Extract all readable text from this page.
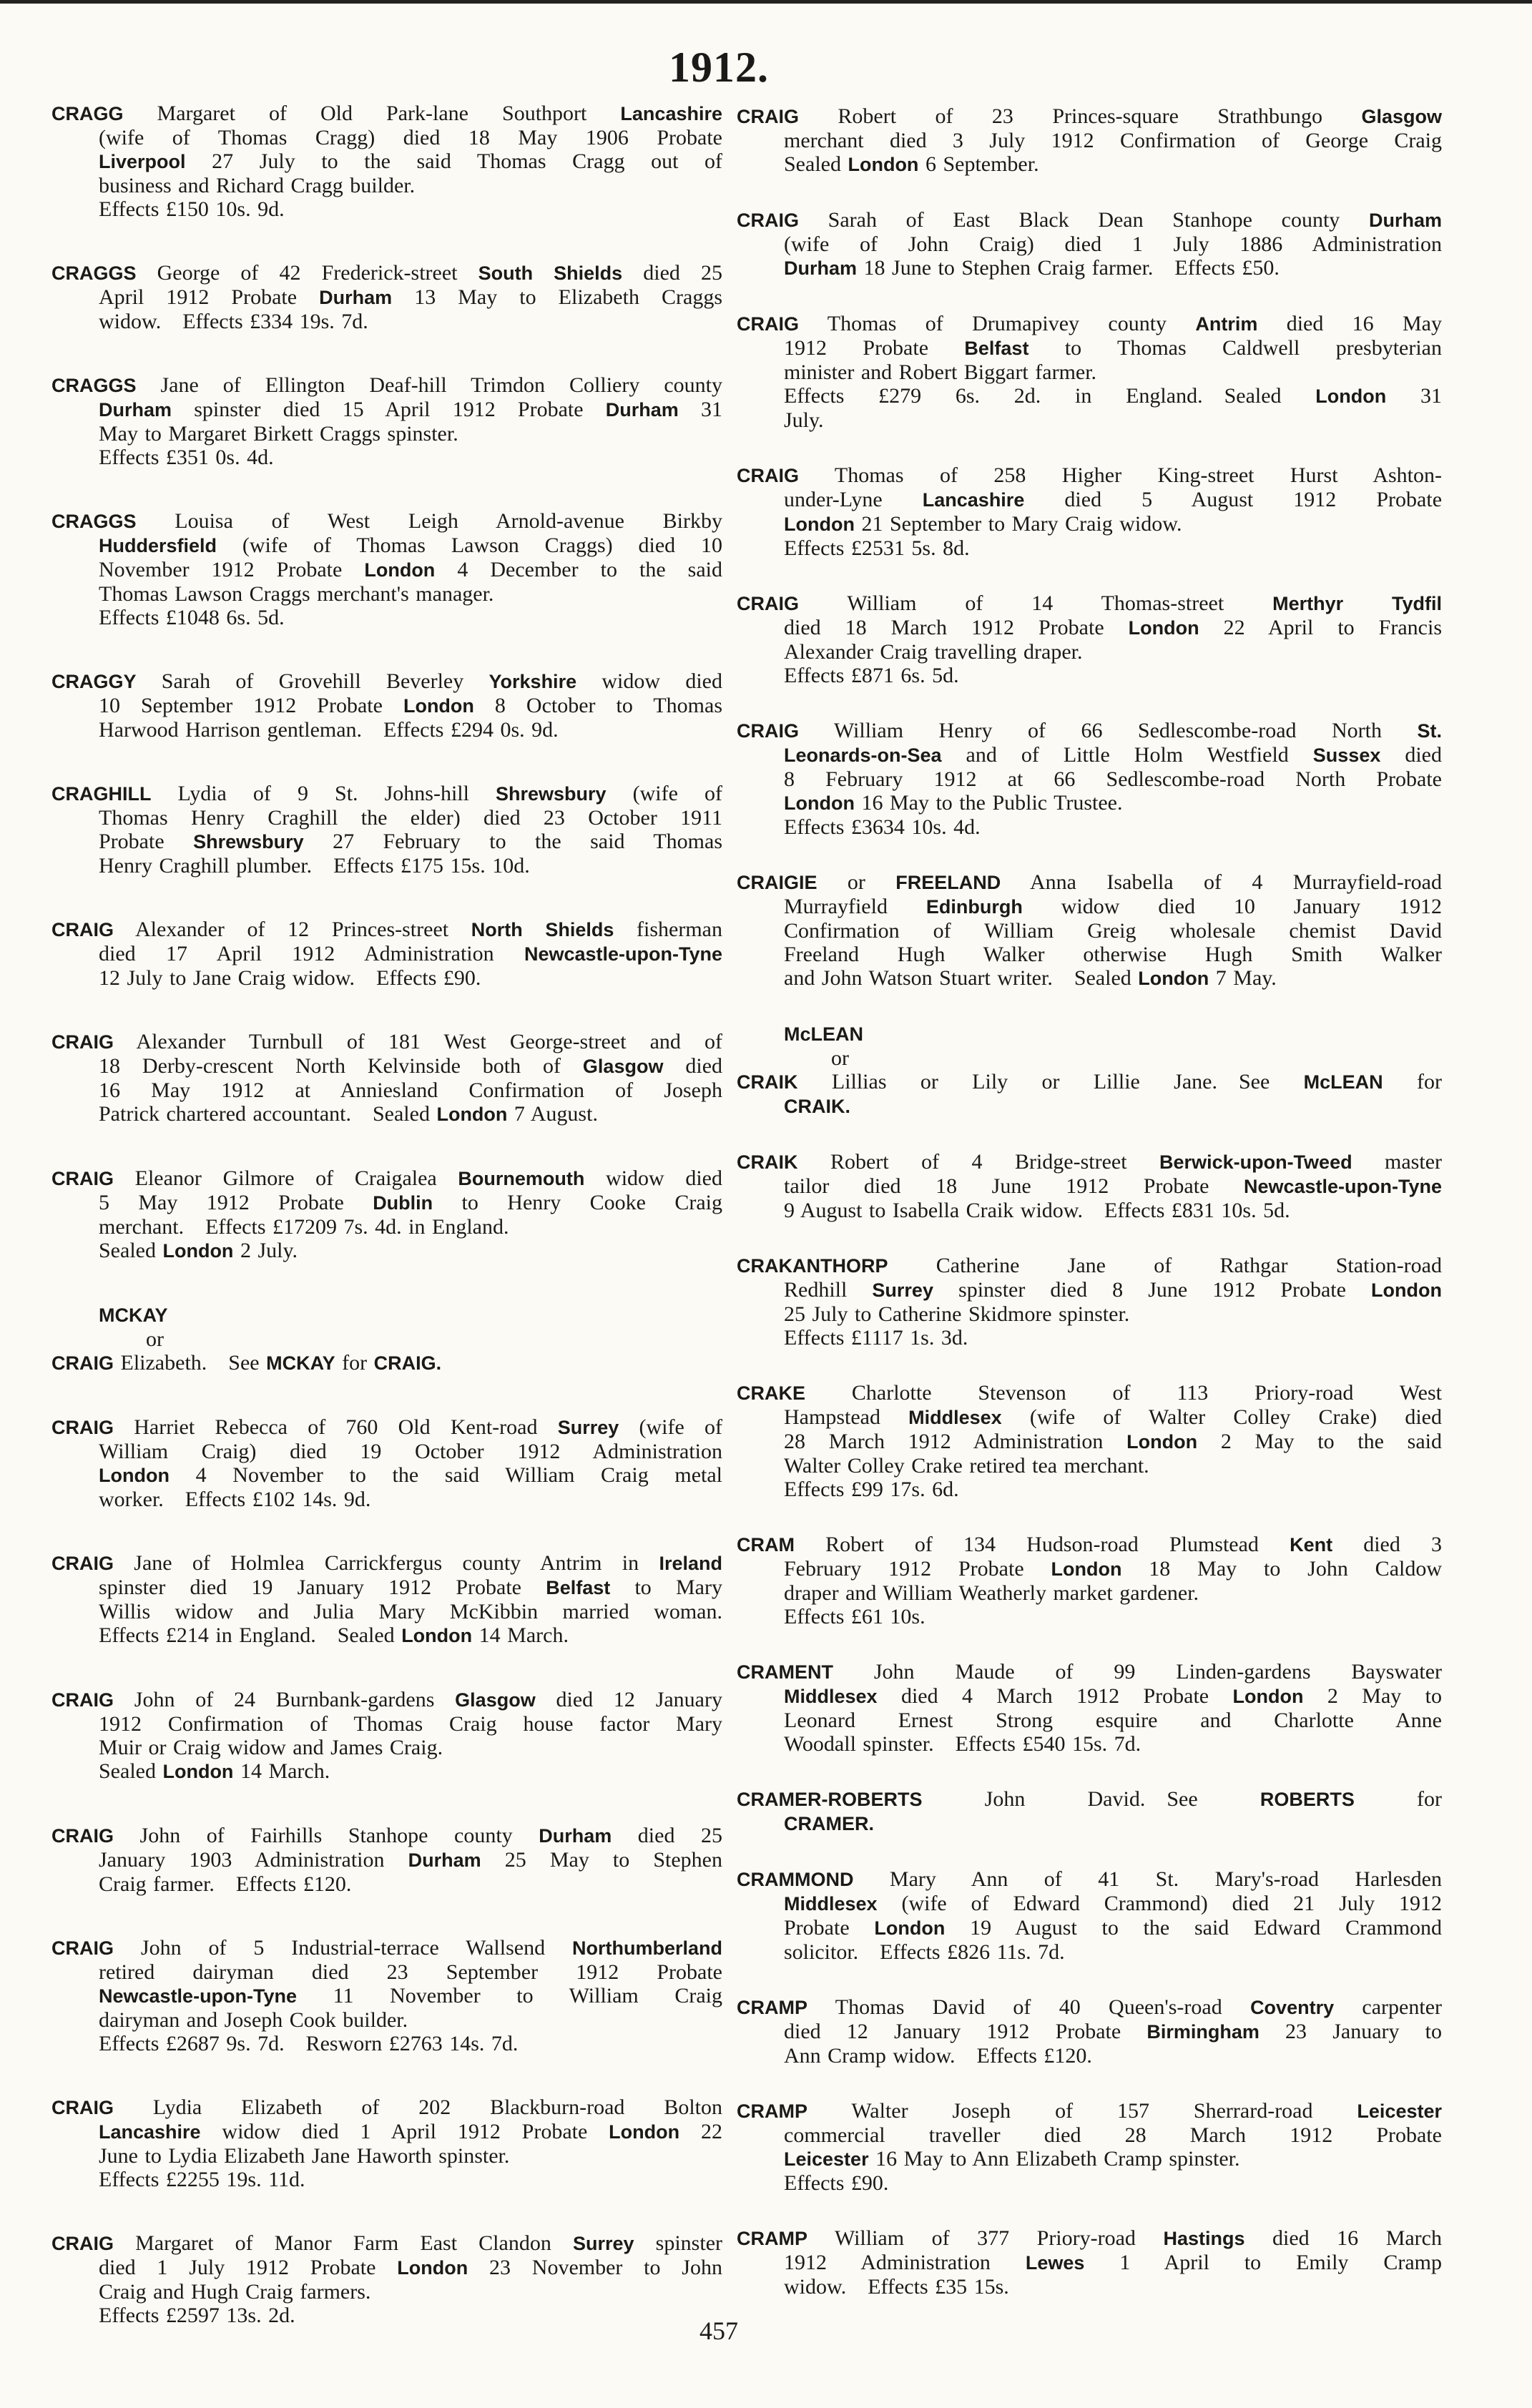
1912.
CRAGG Margaret of Old Park-lane Southport Lancashire
(wife of Thomas Cragg) died 18 May 1906 Probate
Liverpool 27 July to the said Thomas Cragg out of
business and Richard Cragg builder.
Effects £150 10s. 9d.
CRAGGS George of 42 Frederick-street South Shields died 25
April 1912 Probate Durham 13 May to Elizabeth Craggs
widow. Effects £334 19s. 7d.
CRAGGS Jane of Ellington Deaf-hill Trimdon Colliery county
Durham spinster died 15 April 1912 Probate Durham 31
May to Margaret Birkett Craggs spinster.
Effects £351 0s. 4d.
CRAGGS Louisa of West Leigh Arnold-avenue Birkby
Huddersfield (wife of Thomas Lawson Craggs) died 10
November 1912 Probate London 4 December to the said
Thomas Lawson Craggs merchant's manager.
Effects £1048 6s. 5d.
CRAGGY Sarah of Grovehill Beverley Yorkshire widow died
10 September 1912 Probate London 8 October to Thomas
Harwood Harrison gentleman. Effects £294 0s. 9d.
CRAGHILL Lydia of 9 St. Johns-hill Shrewsbury (wife of
Thomas Henry Craghill the elder) died 23 October 1911
Probate Shrewsbury 27 February to the said Thomas
Henry Craghill plumber. Effects £175 15s. 10d.
CRAIG Alexander of 12 Princes-street North Shields fisherman
died 17 April 1912 Administration Newcastle-upon-Tyne
12 July to Jane Craig widow. Effects £90.
CRAIG Alexander Turnbull of 181 West George-street and of
18 Derby-crescent North Kelvinside both of Glasgow died
16 May 1912 at Anniesland Confirmation of Joseph
Patrick chartered accountant. Sealed London 7 August.
CRAIG Eleanor Gilmore of Craigalea Bournemouth widow died
5 May 1912 Probate Dublin to Henry Cooke Craig
merchant. Effects £17209 7s. 4d. in England.
Sealed London 2 July.
MCKAY
or
CRAIG Elizabeth. See MCKAY for CRAIG.
CRAIG Harriet Rebecca of 760 Old Kent-road Surrey (wife of
William Craig) died 19 October 1912 Administration
London 4 November to the said William Craig metal
worker. Effects £102 14s. 9d.
CRAIG Jane of Holmlea Carrickfergus county Antrim in Ireland
spinster died 19 January 1912 Probate Belfast to Mary
Willis widow and Julia Mary McKibbin married woman.
Effects £214 in England. Sealed London 14 March.
CRAIG John of 24 Burnbank-gardens Glasgow died 12 January
1912 Confirmation of Thomas Craig house factor Mary
Muir or Craig widow and James Craig.
Sealed London 14 March.
CRAIG John of Fairhills Stanhope county Durham died 25
January 1903 Administration Durham 25 May to Stephen
Craig farmer. Effects £120.
CRAIG John of 5 Industrial-terrace Wallsend Northumberland
retired dairyman died 23 September 1912 Probate
Newcastle-upon-Tyne 11 November to William Craig
dairyman and Joseph Cook builder.
Effects £2687 9s. 7d. Resworn £2763 14s. 7d.
CRAIG Lydia Elizabeth of 202 Blackburn-road Bolton
Lancashire widow died 1 April 1912 Probate London 22
June to Lydia Elizabeth Jane Haworth spinster.
Effects £2255 19s. 11d.
CRAIG Margaret of Manor Farm East Clandon Surrey spinster
died 1 July 1912 Probate London 23 November to John
Craig and Hugh Craig farmers.
Effects £2597 13s. 2d.
CRAIG Robert of 23 Princes-square Strathbungo Glasgow
merchant died 3 July 1912 Confirmation of George Craig
Sealed London 6 September.
CRAIG Sarah of East Black Dean Stanhope county Durham
(wife of John Craig) died 1 July 1886 Administration
Durham 18 June to Stephen Craig farmer. Effects £50.
CRAIG Thomas of Drumapivey county Antrim died 16 May
1912 Probate Belfast to Thomas Caldwell presbyterian
minister and Robert Biggart farmer.
Effects £279 6s. 2d. in England. Sealed London 31
July.
CRAIG Thomas of 258 Higher King-street Hurst Ashton-
under-Lyne Lancashire died 5 August 1912 Probate
London 21 September to Mary Craig widow.
Effects £2531 5s. 8d.
CRAIG William of 14 Thomas-street Merthyr Tydfil
died 18 March 1912 Probate London 22 April to Francis
Alexander Craig travelling draper.
Effects £871 6s. 5d.
CRAIG William Henry of 66 Sedlescombe-road North St.
Leonards-on-Sea and of Little Holm Westfield Sussex died
8 February 1912 at 66 Sedlescombe-road North Probate
London 16 May to the Public Trustee.
Effects £3634 10s. 4d.
CRAIGIE or FREELAND Anna Isabella of 4 Murrayfield-road
Murrayfield Edinburgh widow died 10 January 1912
Confirmation of William Greig wholesale chemist David
Freeland Hugh Walker otherwise Hugh Smith Walker
and John Watson Stuart writer. Sealed London 7 May.
McLEAN
or
CRAIK Lillias or Lily or Lillie Jane. See McLEAN for
CRAIK.
CRAIK Robert of 4 Bridge-street Berwick-upon-Tweed master
tailor died 18 June 1912 Probate Newcastle-upon-Tyne
9 August to Isabella Craik widow. Effects £831 10s. 5d.
CRAKANTHORP Catherine Jane of Rathgar Station-road
Redhill Surrey spinster died 8 June 1912 Probate London
25 July to Catherine Skidmore spinster.
Effects £1117 1s. 3d.
CRAKE Charlotte Stevenson of 113 Priory-road West
Hampstead Middlesex (wife of Walter Colley Crake) died
28 March 1912 Administration London 2 May to the said
Walter Colley Crake retired tea merchant.
Effects £99 17s. 6d.
CRAM Robert of 134 Hudson-road Plumstead Kent died 3
February 1912 Probate London 18 May to John Caldow
draper and William Weatherly market gardener.
Effects £61 10s.
CRAMENT John Maude of 99 Linden-gardens Bayswater
Middlesex died 4 March 1912 Probate London 2 May to
Leonard Ernest Strong esquire and Charlotte Anne
Woodall spinster. Effects £540 15s. 7d.
CRAMER-ROBERTS John David. See ROBERTS for
CRAMER.
CRAMMOND Mary Ann of 41 St. Mary's-road Harlesden
Middlesex (wife of Edward Crammond) died 21 July 1912
Probate London 19 August to the said Edward Crammond
solicitor. Effects £826 11s. 7d.
CRAMP Thomas David of 40 Queen's-road Coventry carpenter
died 12 January 1912 Probate Birmingham 23 January to
Ann Cramp widow. Effects £120.
CRAMP Walter Joseph of 157 Sherrard-road Leicester
commercial traveller died 28 March 1912 Probate
Leicester 16 May to Ann Elizabeth Cramp spinster.
Effects £90.
CRAMP William of 377 Priory-road Hastings died 16 March
1912 Administration Lewes 1 April to Emily Cramp
widow. Effects £35 15s.
457
